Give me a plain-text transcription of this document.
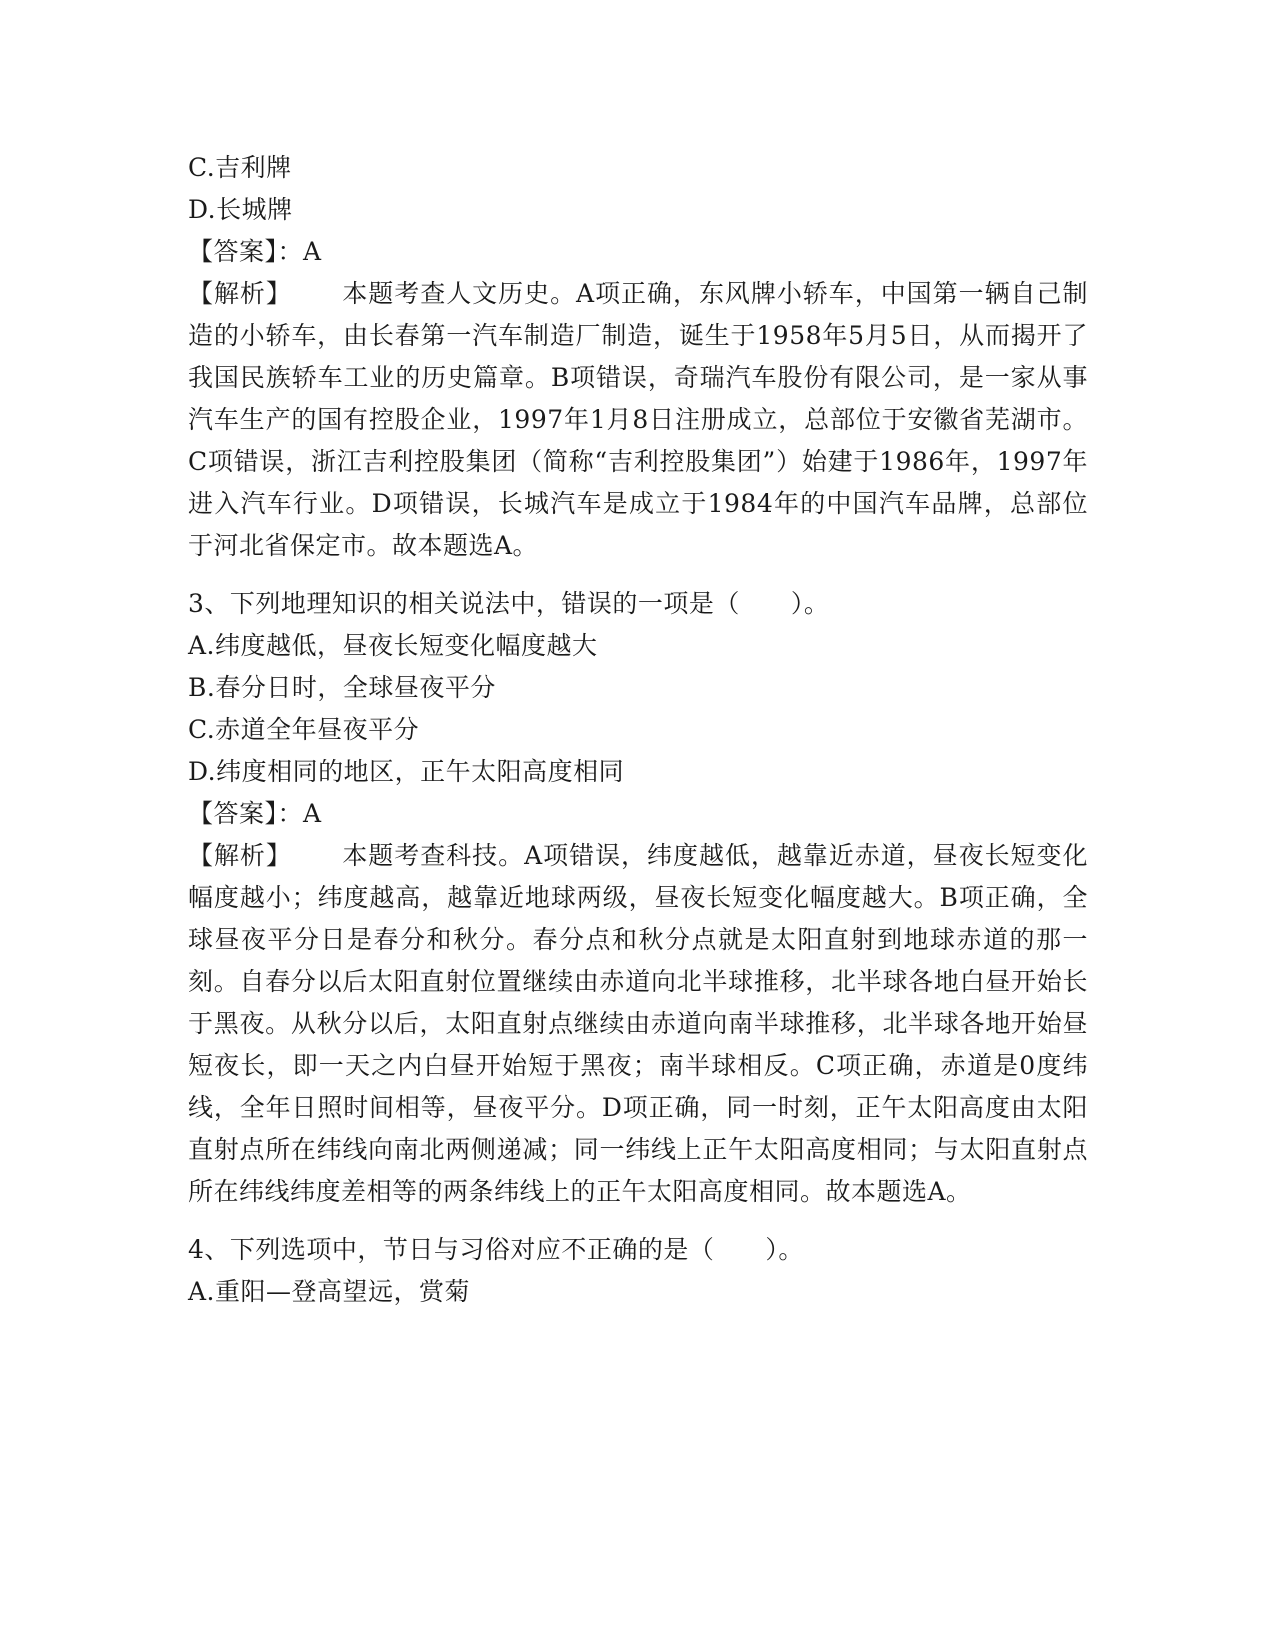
C.吉利牌
D.长城牌
【答案】：A
【解析】 本题考查人文历史。A项正确，东风牌小轿车，中国第一辆自己制造的小轿车，由长春第一汽车制造厂制造，诞生于1958年5月5日，从而揭开了我国民族轿车工业的历史篇章。B项错误，奇瑞汽车股份有限公司，是一家从事汽车生产的国有控股企业，1997年1月8日注册成立，总部位于安徽省芜湖市。C项错误，浙江吉利控股集团（简称“吉利控股集团”）始建于1986年，1997年进入汽车行业。D项错误，长城汽车是成立于1984年的中国汽车品牌，总部位于河北省保定市。故本题选A。
3、下列地理知识的相关说法中，错误的一项是（　　）。
A.纬度越低，昼夜长短变化幅度越大
B.春分日时，全球昼夜平分
C.赤道全年昼夜平分
D.纬度相同的地区，正午太阳高度相同
【答案】：A
【解析】 本题考查科技。A项错误，纬度越低，越靠近赤道，昼夜长短变化幅度越小；纬度越高，越靠近地球两级，昼夜长短变化幅度越大。B项正确，全球昼夜平分日是春分和秋分。春分点和秋分点就是太阳直射到地球赤道的那一刻。自春分以后太阳直射位置继续由赤道向北半球推移，北半球各地白昼开始长于黑夜。从秋分以后，太阳直射点继续由赤道向南半球推移，北半球各地开始昼短夜长，即一天之内白昼开始短于黑夜；南半球相反。C项正确，赤道是0度纬线，全年日照时间相等，昼夜平分。D项正确，同一时刻，正午太阳高度由太阳直射点所在纬线向南北两侧递减；同一纬线上正午太阳高度相同；与太阳直射点所在纬线纬度差相等的两条纬线上的正午太阳高度相同。故本题选A。
4、下列选项中，节日与习俗对应不正确的是（　　）。
A.重阳—登高望远，赏菊
